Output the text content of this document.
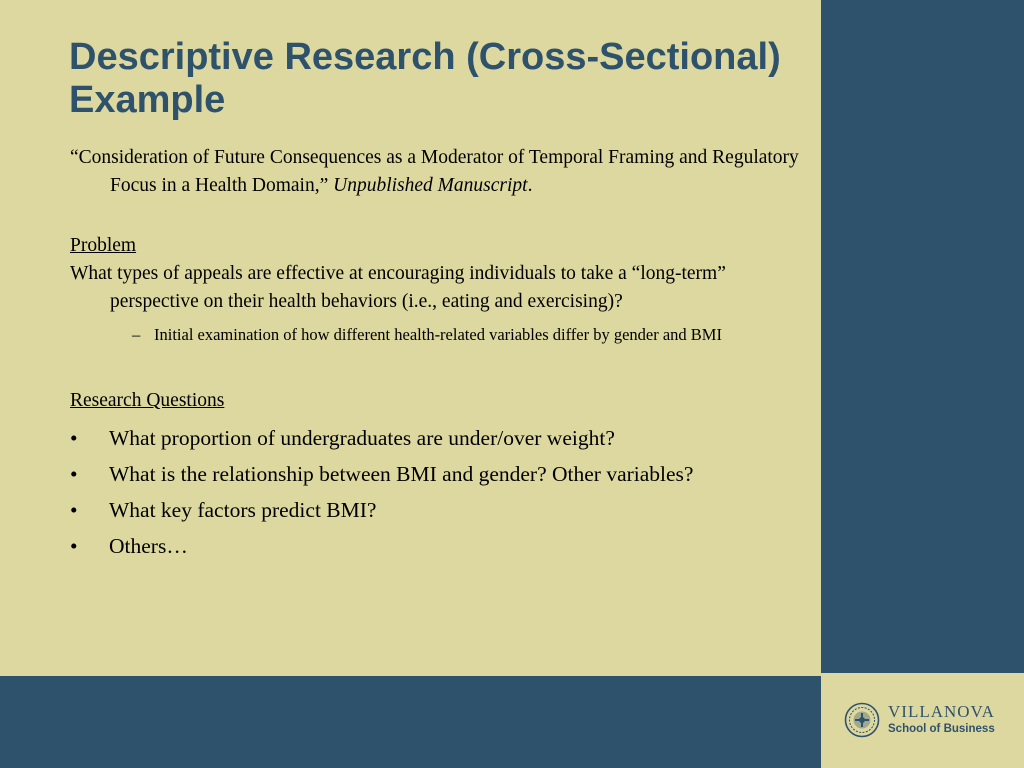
Descriptive Research (Cross-Sectional) Example

“Consideration of Future Consequences as a Moderator of Temporal Framing and Regulatory Focus in a Health Domain,” Unpublished Manuscript.

Problem

What types of appeals are effective at encouraging individuals to take a “long-term” perspective on their health behaviors (i.e., eating and exercising)?

– Initial examination of how different health-related variables differ by gender and BMI

Research Questions

• What proportion of undergraduates are under/over weight?
• What is the relationship between BMI and gender? Other variables?
• What key factors predict BMI?
• Others…
VILLANOVA
School of Business
